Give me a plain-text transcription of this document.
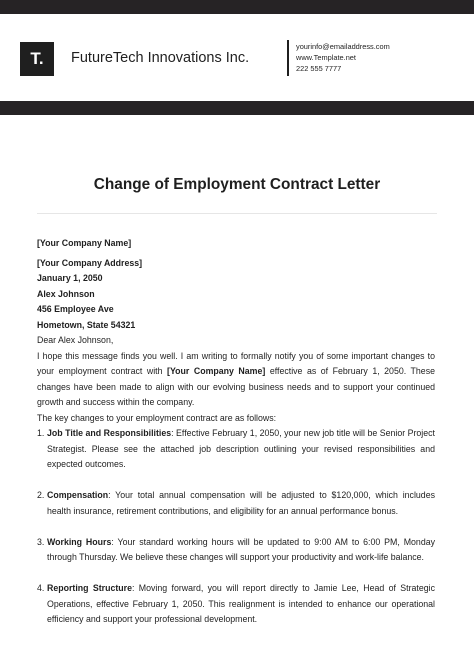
T.	FutureTech Innovations Inc.
yourinfo@emailaddress.com
www.Template.net
222 555 7777
Change of Employment Contract Letter

[Your Company Name]

[Your Company Address]

January 1, 2050

Alex Johnson

456 Employee Ave

Hometown, State 54321

Dear Alex Johnson,

I hope this message finds you well. I am writing to formally notify you of some important changes to your employment contract with [Your Company Name] effective as of February 1, 2050. These changes have been made to align with our evolving business needs and to support your continued growth and success within the company.

The key changes to your employment contract are as follows:

1. Job Title and Responsibilities: Effective February 1, 2050, your new job title will be Senior Project Strategist. Please see the attached job description outlining your revised responsibilities and expected outcomes.
2. Compensation: Your total annual compensation will be adjusted to $120,000, which includes health insurance, retirement contributions, and eligibility for an annual performance bonus.
3. Working Hours: Your standard working hours will be updated to 9:00 AM to 6:00 PM, Monday through Thursday. We believe these changes will support your productivity and work-life balance.
4. Reporting Structure: Moving forward, you will report directly to Jamie Lee, Head of Strategic Operations, effective February 1, 2050. This realignment is intended to enhance our operational efficiency and support your professional development.
